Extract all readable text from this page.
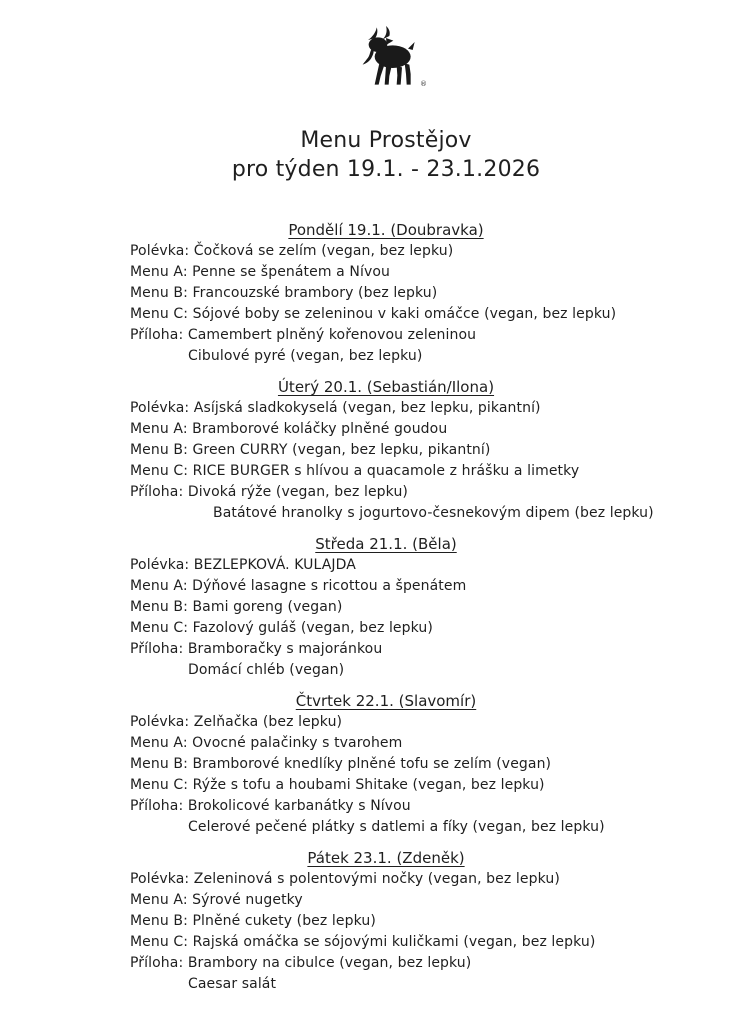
®
Menu Prostějov
pro týden 19.1. - 23.1.2026
Pondělí 19.1. (Doubravka)
Polévka: Čočková se zelím (vegan, bez lepku)
Menu A: Penne se špenátem a Nívou
Menu B: Francouzské brambory (bez lepku)
Menu C: Sójové boby se zeleninou v kaki omáčce (vegan, bez lepku)
Příloha: Camembert plněný kořenovou zeleninou
Cibulové pyré (vegan, bez lepku)
Úterý 20.1. (Sebastián/Ilona)
Polévka: Asíjská sladkokyselá (vegan, bez lepku, pikantní)
Menu A: Bramborové koláčky plněné goudou
Menu B: Green CURRY (vegan, bez lepku, pikantní)
Menu C: RICE BURGER s hlívou a quacamole z hrášku a limetky
Příloha: Divoká rýže (vegan, bez lepku)
Batátové hranolky s jogurtovo-česnekovým dipem (bez lepku)
Středa 21.1. (Běla)
Polévka: BEZLEPKOVÁ. KULAJDA
Menu A: Dýňové lasagne s ricottou a špenátem
Menu B: Bami goreng (vegan)
Menu C: Fazolový guláš (vegan, bez lepku)
Příloha: Bramboračky s majoránkou
Domácí chléb (vegan)
Čtvrtek 22.1. (Slavomír)
Polévka: Zelňačka (bez lepku)
Menu A: Ovocné palačinky s tvarohem
Menu B: Bramborové knedlíky plněné tofu se zelím (vegan)
Menu C: Rýže s tofu a houbami Shitake (vegan, bez lepku)
Příloha: Brokolicové karbanátky s Nívou
Celerové pečené plátky s datlemi a fíky (vegan, bez lepku)
Pátek 23.1. (Zdeněk)
Polévka: Zeleninová s polentovými nočky (vegan, bez lepku)
Menu A: Sýrové nugetky
Menu B: Plněné cukety (bez lepku)
Menu C: Rajská omáčka se sójovými kuličkami (vegan, bez lepku)
Příloha: Brambory na cibulce (vegan, bez lepku)
Caesar salát
